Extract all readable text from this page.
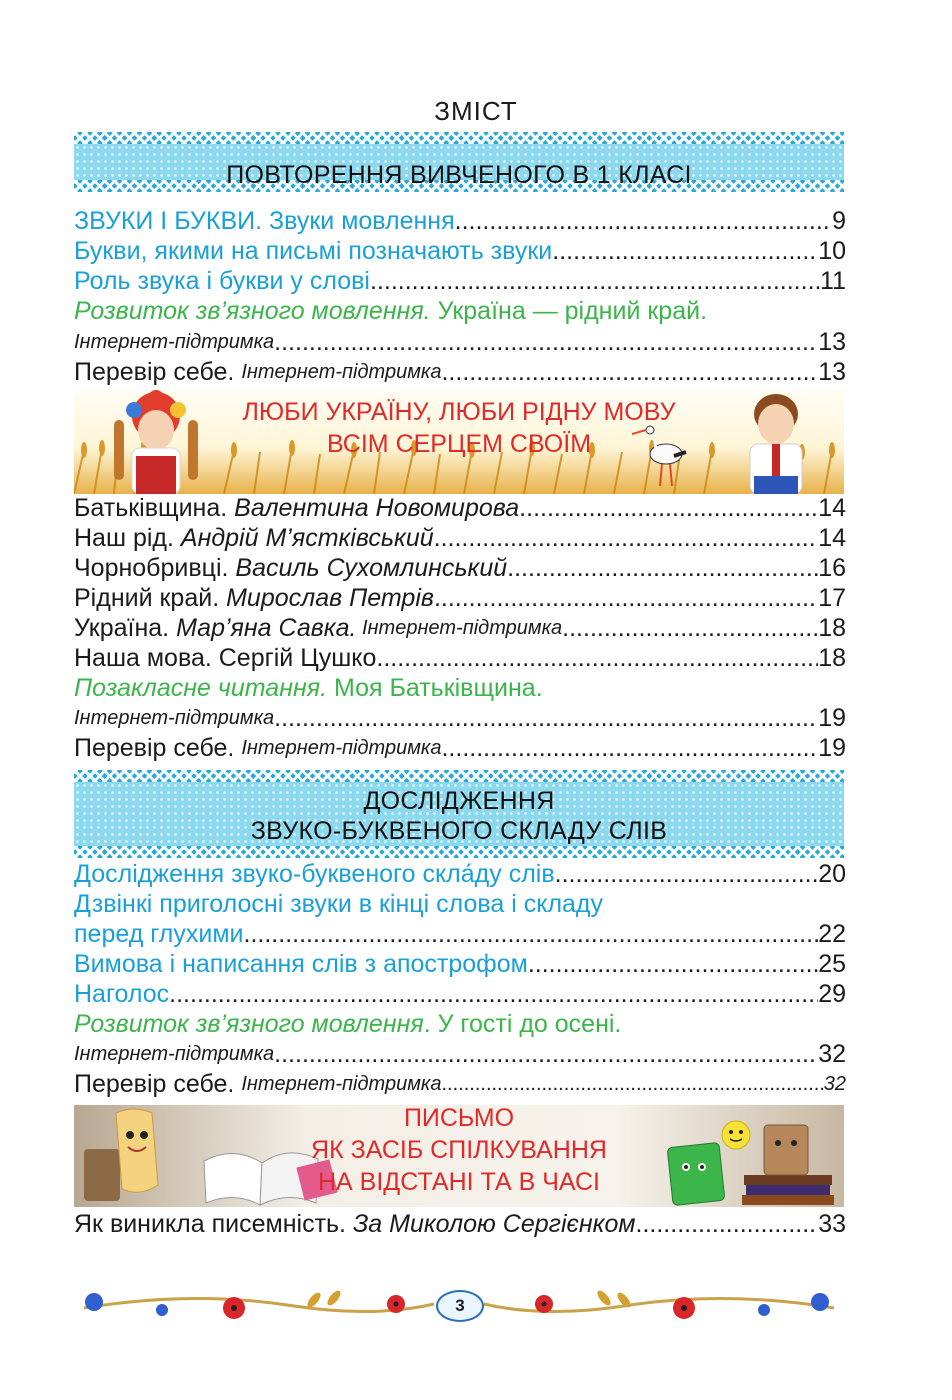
ЗМІСТ
ПОВТОРЕННЯ ВИВЧЕНОГО В 1 КЛАСІ
ЗВУКИ І БУКВИ. Звуки мовлення .....	9
Букви, якими на письмі позначають звуки .....	10
Роль звука і букви у слові .....	11
Розвиток зв’язного мовлення. Україна — рідний край.
Інтернет-підтримка .....	13
Перевір себе. Інтернет-підтримка .....	13
ЛЮБИ УКРАЇНУ, ЛЮБИ РІДНУ МОВУ
ВСІМ СЕРЦЕМ СВОЇМ
Батьківщина. Валентина Новомирова .....	14
Наш рід. Андрій М’ястківський .....	14
Чорнобривці. Василь Сухомлинський .....	16
Рідний край. Мирослав Петрів .....	17
Україна. Мар’яна Савка. Інтернет-підтримка .....	18
Наша мова. Сергій Цушко .....	18
Позакласне читання. Моя Батьківщина.
Інтернет-підтримка .....	19
Перевір себе. Інтернет-підтримка .....	19
ДОСЛІДЖЕННЯ
ЗВУКО-БУКВЕНОГО СКЛАДУ СЛІВ
Дослідження звуко-буквеного скла́ду слів .....	20
Дзвінкі приголосні звуки в кінці слова і складу
перед глухими .....	22
Вимова і написання слів з апострофом .....	25
Наголос .....	29
Розвиток зв’язного мовлення . У гості до осені.
Інтернет-підтримка .....	32
Перевір себе. Інтернет-підтримка .....	32
ПИСЬМО
ЯК ЗАСІБ СПІЛКУВАННЯ
НА ВІДСТАНІ ТА В ЧАСІ
Як виникла писемність. За Миколою Сергієнком .....	33
3
